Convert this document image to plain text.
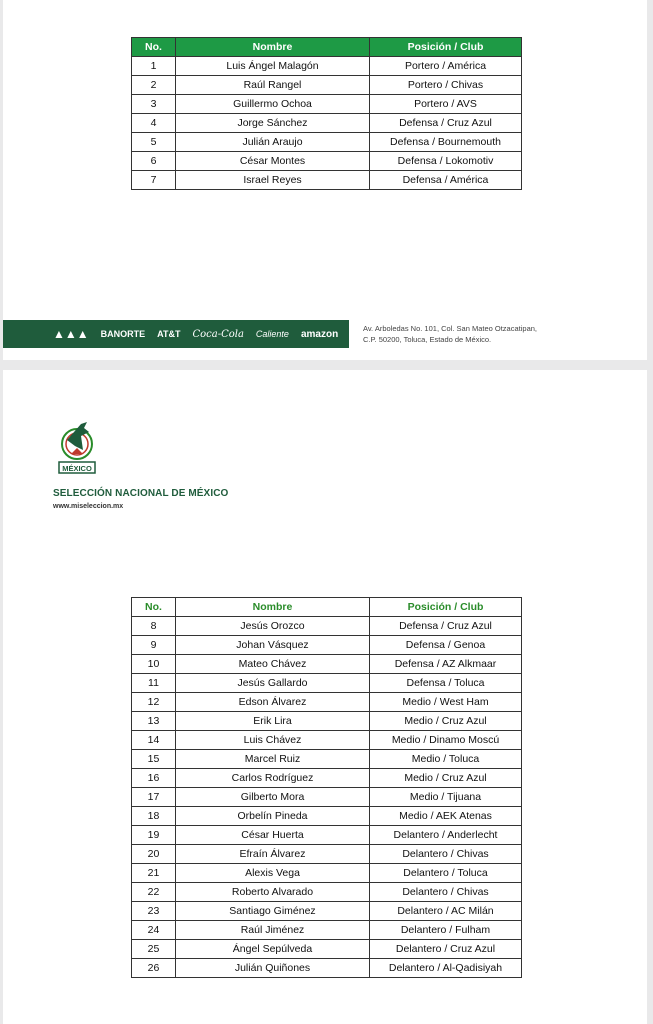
No.	Nombre	Posición / Club
1	Luis Ángel Malagón	Portero / América
2	Raúl Rangel	Portero / Chivas
3	Guillermo Ochoa	Portero / AVS
4	Jorge Sánchez	Defensa / Cruz Azul
5	Julián Araujo	Defensa / Bournemouth
6	César Montes	Defensa / Lokomotiv
7	Israel Reyes	Defensa / América
▲▲▲ BANORTE AT&T Coca-Cola Caliente amazon	Av. Arboledas No. 101, Col. San Mateo Otzacatipan,
C.P. 50200, Toluca, Estado de México.
MÉXICO
SELECCIÓN NACIONAL DE MÉXICO
www.miseleccion.mx
No.	Nombre	Posición / Club
8	Jesús Orozco	Defensa / Cruz Azul
9	Johan Vásquez	Defensa / Genoa
10	Mateo Chávez	Defensa / AZ Alkmaar
11	Jesús Gallardo	Defensa / Toluca
12	Edson Álvarez	Medio / West Ham
13	Erik Lira	Medio / Cruz Azul
14	Luis Chávez	Medio / Dinamo Moscú
15	Marcel Ruiz	Medio / Toluca
16	Carlos Rodríguez	Medio / Cruz Azul
17	Gilberto Mora	Medio / Tijuana
18	Orbelín Pineda	Medio / AEK Atenas
19	César Huerta	Delantero / Anderlecht
20	Efraín Álvarez	Delantero / Chivas
21	Alexis Vega	Delantero / Toluca
22	Roberto Alvarado	Delantero / Chivas
23	Santiago Giménez	Delantero / AC Milán
24	Raúl Jiménez	Delantero / Fulham
25	Ángel Sepúlveda	Delantero / Cruz Azul
26	Julián Quiñones	Delantero / Al-Qadisiyah
